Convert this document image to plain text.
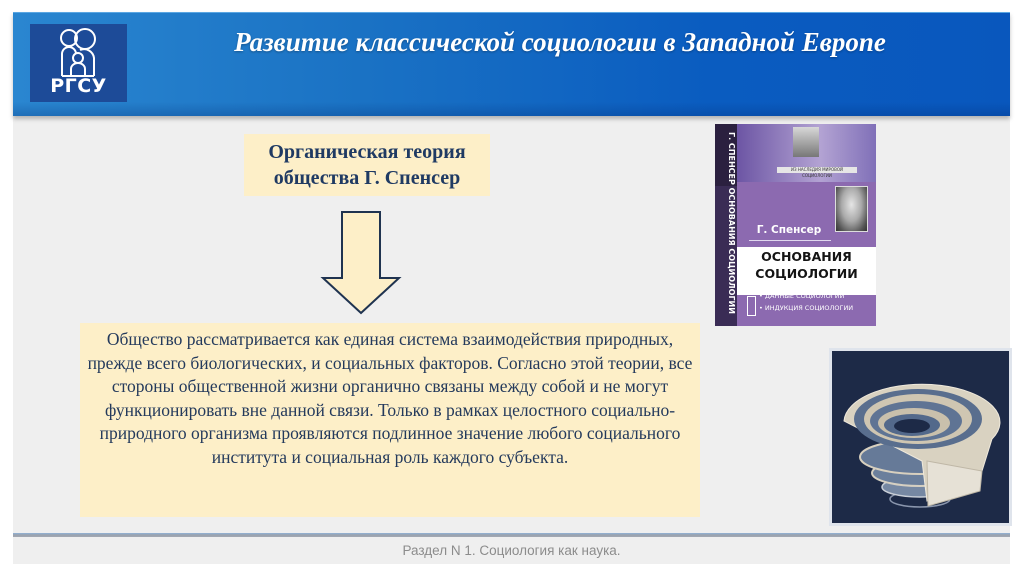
РГСУ
Развитие классической социологии в Западной Европе
Органическая теория общества Г. Спенсер
Общество рассматривается как единая система взаимодействия природных, прежде всего биологических, и социальных факторов. Согласно этой теории, все стороны общественной жизни органично связаны между собой и не могут функционировать вне данной связи. Только в рамках целостного социально-природного организма проявляются подлинное значение любого социального института и социальная роль каждого субъекта.
ИЗ НАСЛЕДИЯ МИРОВОЙ СОЦИОЛОГИИ
Г. СПЕНСЕР ОСНОВАНИЯ СОЦИОЛОГИИ	Г. Спенсер
ОСНОВАНИЯ
СОЦИОЛОГИИ
• ДАННЫЕ СОЦИОЛОГИИ
• ИНДУКЦИЯ СОЦИОЛОГИИ
Раздел N 1. Социология как наука.
